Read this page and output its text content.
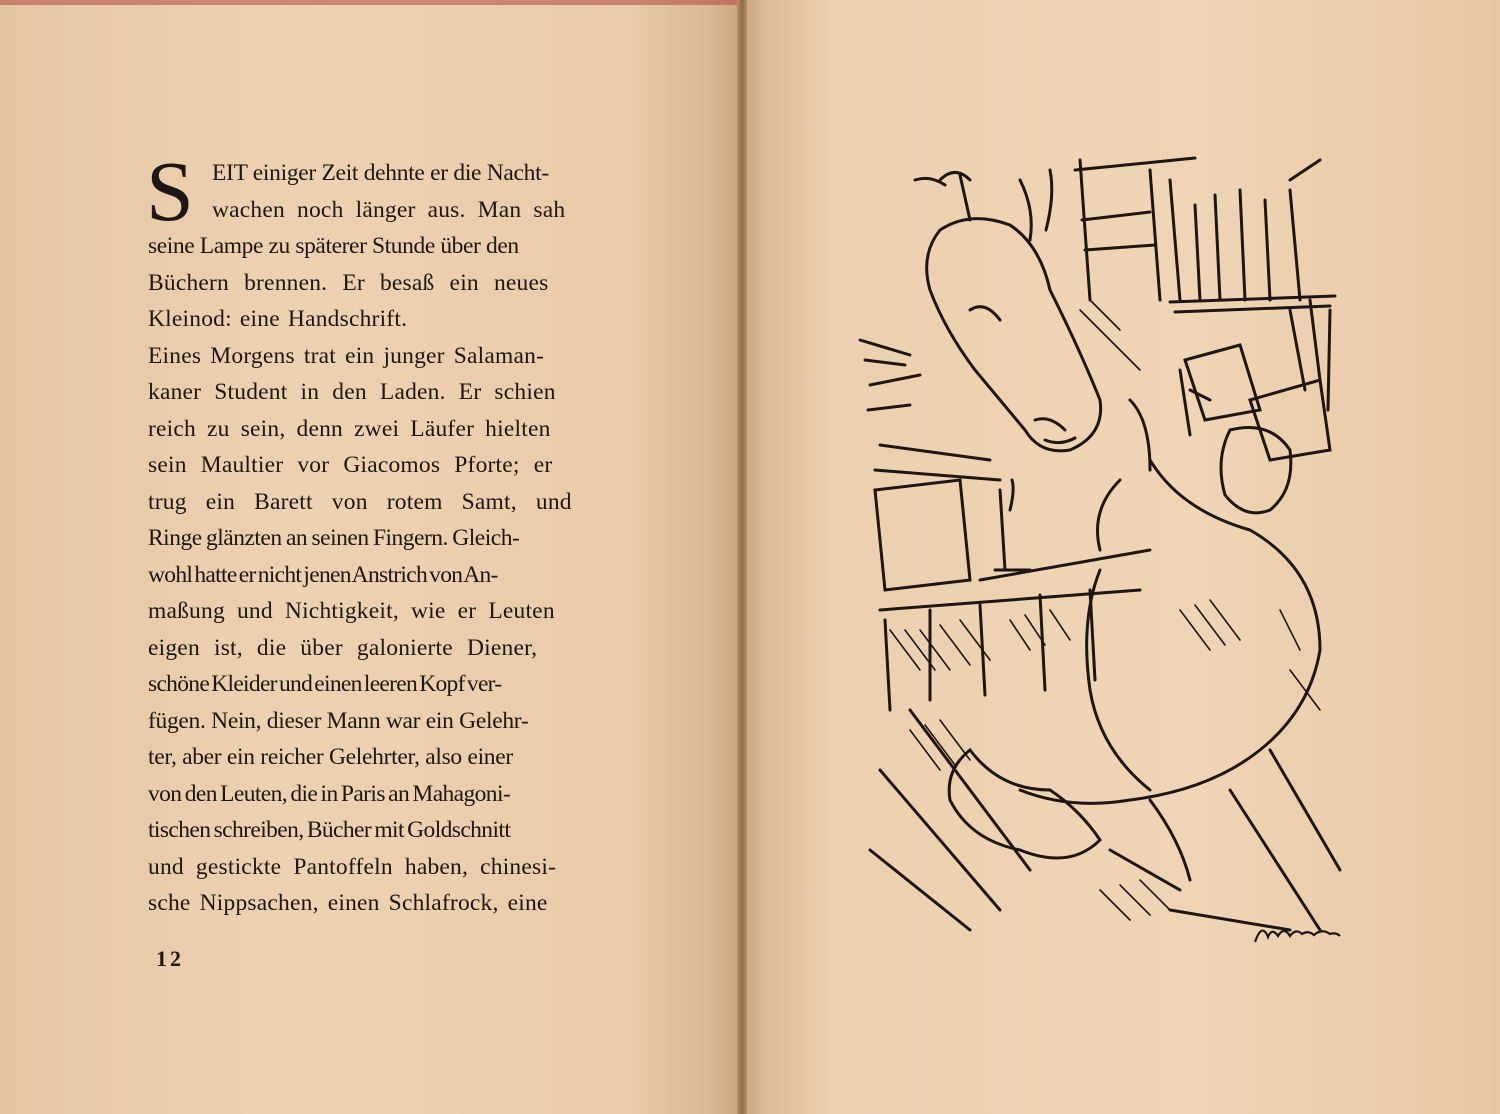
S EIT einiger Zeit dehnte er die Nacht-
wachen noch länger aus. Man sah
seine Lampe zu späterer Stunde über den
Büchern brennen. Er besaß ein neues
Kleinod: eine Handschrift.
Eines Morgens trat ein junger Salaman-
kaner Student in den Laden. Er schien
reich zu sein, denn zwei Läufer hielten
sein Maultier vor Giacomos Pforte; er
trug ein Barett von rotem Samt, und
Ringe glänzten an seinen Fingern. Gleich-
wohl hatte er nicht jenen Anstrich von An-
maßung und Nichtigkeit, wie er Leuten
eigen ist, die über galonierte Diener,
schöne Kleider und einen leeren Kopf ver-
fügen. Nein, dieser Mann war ein Gelehr-
ter, aber ein reicher Gelehrter, also einer
von den Leuten, die in Paris an Mahagoni-
tischen schreiben, Bücher mit Goldschnitt
und gestickte Pantoffeln haben, chinesi-
sche Nippsachen, einen Schlafrock, eine
12
